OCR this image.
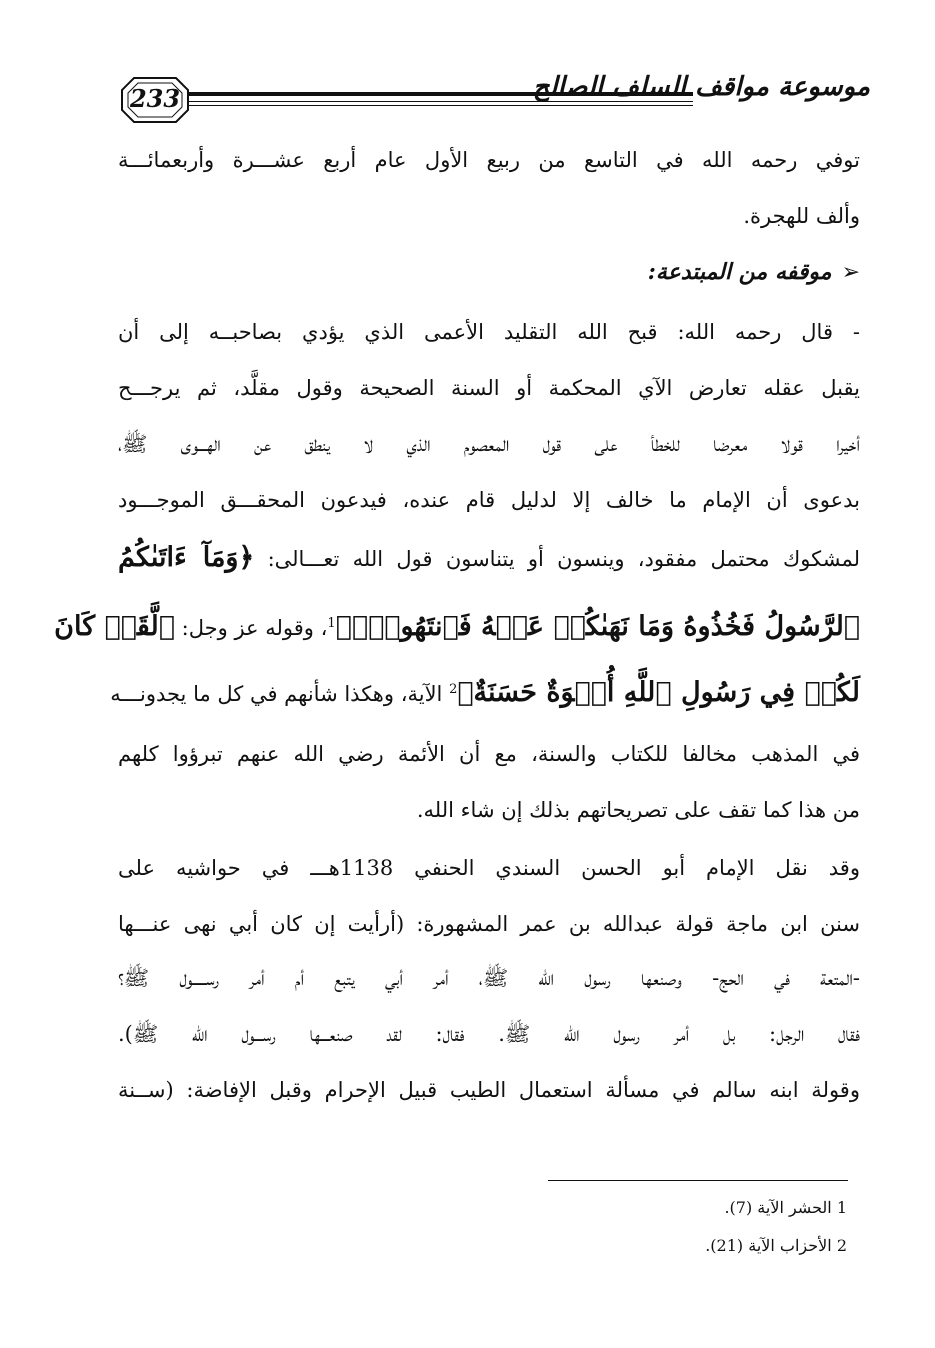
233	موسوعة مواقف السلف الصالح
توفي رحمه الله في التاسع من ربيع الأول عام أربع عشـــرة وأربعمائـــة
وألف للهجرة.
➢موقفه من المبتدعة:
- قال رحمه الله: قبح الله التقليد الأعمى الذي يؤدي بصاحبــه إلى أن
يقبل عقله تعارض الآي المحكمة أو السنة الصحيحة وقول مقلَّد، ثم يرجـــح
أخيرا قولا معرضا للخطأ على قول المعصوم الذي لا ينطق عن الهـــوى ﷺ،
بدعوى أن الإمام ما خالف إلا لدليل قام عنده، فيدعون المحقـــق الموجـــود
لمشكوك محتمل مفقود، وينسون أو يتناسون قول الله تعـــالى: ﴿وَمَآ ءَاتَىٰكُمُ
ٱلرَّسُولُ فَخُذُوهُ وَمَا نَهَىٰكُمۡ عَنۡهُ فَٱنتَهُواْۚ﴾$^1$، وقوله عز وجل: ﴿لَّقَدۡ كَانَ
لَكُمۡ فِي رَسُولِ ٱللَّهِ أُسۡوَةٌ حَسَنَةٌ﴾$^2$ الآية، وهكذا شأنهم في كل ما يجدونـــه
في المذهب مخالفا للكتاب والسنة، مع أن الأئمة رضي الله عنهم تبرؤوا كلهم
من هذا كما تقف على تصريحاتهم بذلك إن شاء الله.
وقد نقل الإمام أبو الحسن السندي الحنفي 1138هـــ في حواشيه على
سنن ابن ماجة قولة عبدالله بن عمر المشهورة: (أرأيت إن كان أبي نهى عنـــها
-المتعة في الحج- وصنعها رسول الله ﷺ، أمر أبي يتبع أم أمر رســـــول ﷺ؟
فقال الرجل: بل أمر رسول الله ﷺ. فقال: لقد صنعـــها رســـول الله ﷺ).
وقولة ابنه سالم في مسألة استعمال الطيب قبيل الإحرام وقبل الإفاضة: (ســنة
1 الحشر الآية (7).
2 الأحزاب الآية (21).
